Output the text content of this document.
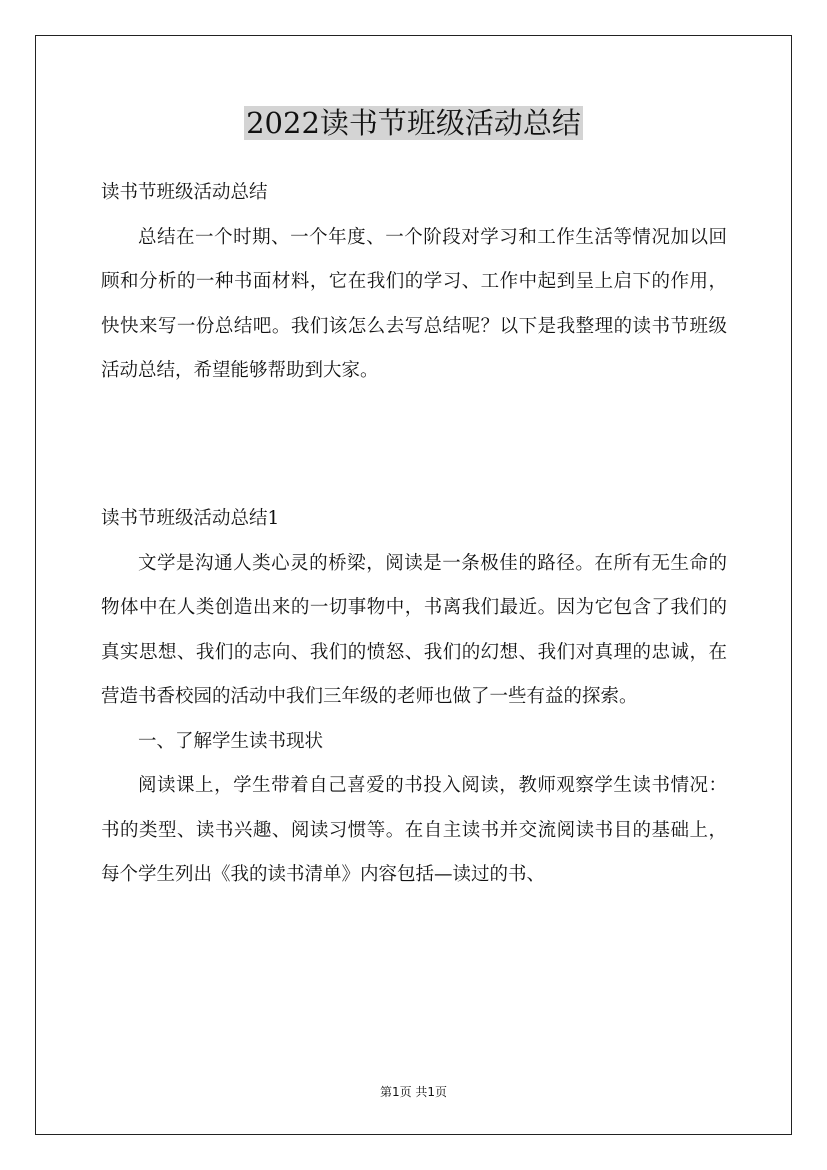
2022读书节班级活动总结

读书节班级活动总结

总结在一个时期、一个年度、一个阶段对学习和工作生活等情况加以回顾和分析的一种书面材料，它在我们的学习、工作中起到呈上启下的作用，快快来写一份总结吧。我们该怎么去写总结呢？以下是我整理的读书节班级活动总结，希望能够帮助到大家。

读书节班级活动总结1

文学是沟通人类心灵的桥梁，阅读是一条极佳的路径。在所有无生命的物体中在人类创造出来的一切事物中，书离我们最近。因为它包含了我们的真实思想、我们的志向、我们的愤怒、我们的幻想、我们对真理的忠诚，在营造书香校园的活动中我们三年级的老师也做了一些有益的探索。

一、了解学生读书现状

阅读课上，学生带着自己喜爱的书投入阅读，教师观察学生读书情况：书的类型、读书兴趣、阅读习惯等。在自主读书并交流阅读书目的基础上，每个学生列出《我的读书清单》内容包括—读过的书、

第1页 共1页
